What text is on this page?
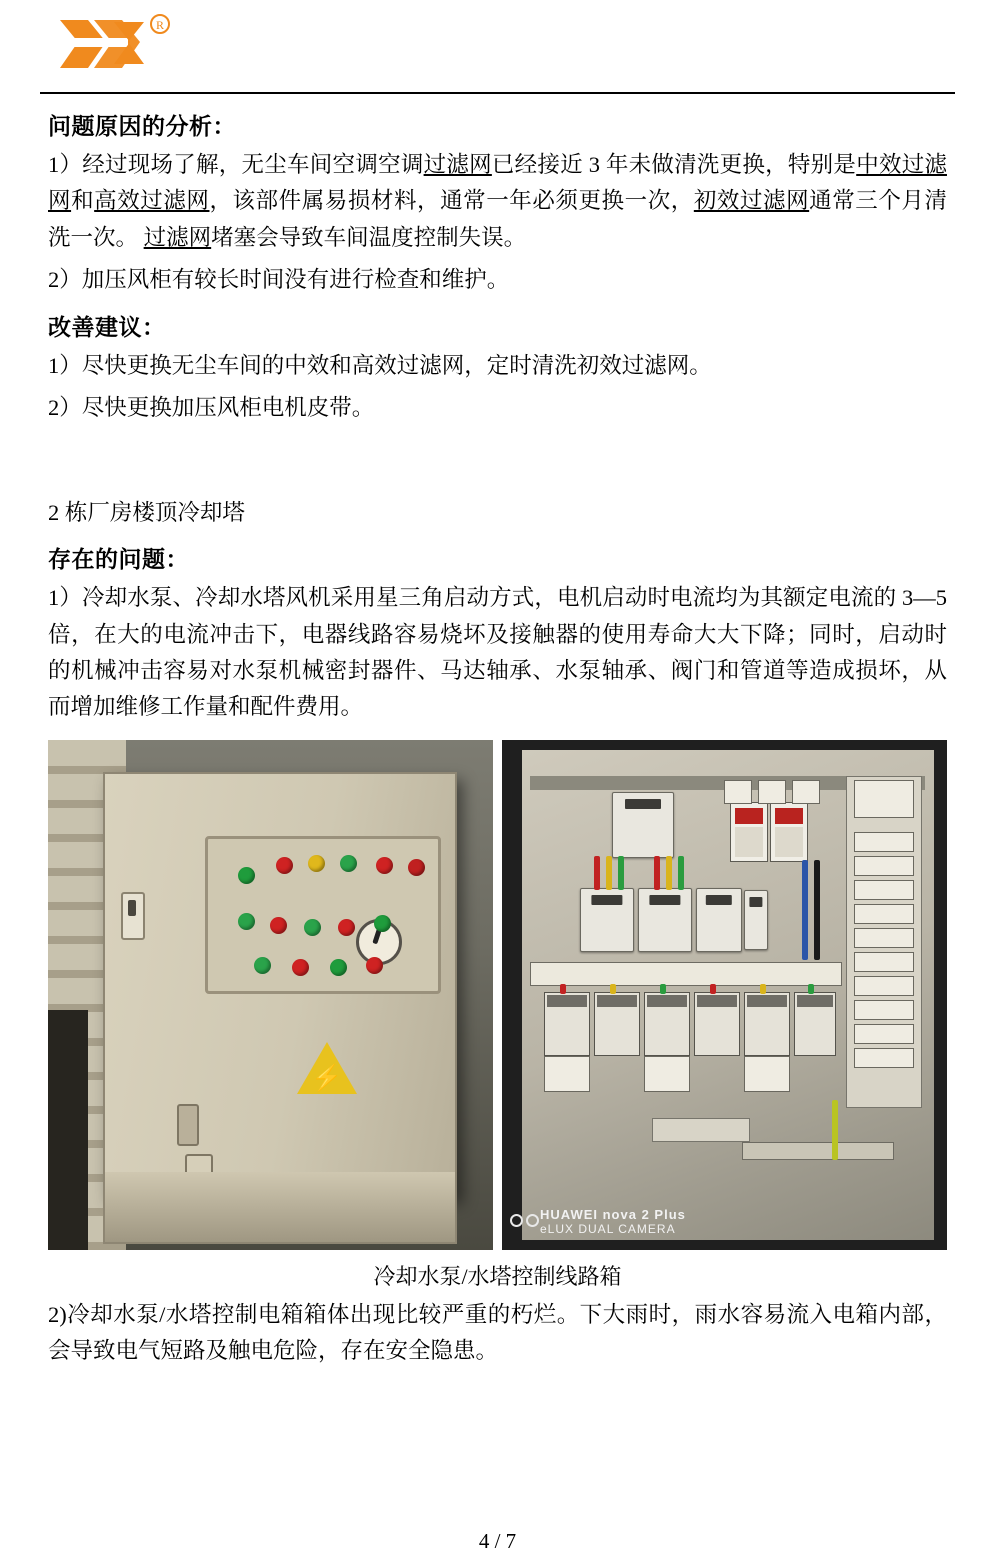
R
问题原因的分析：

1）经过现场了解，无尘车间空调空调过滤网已经接近 3 年未做清洗更换，特别是中效过滤网和高效过滤网，该部件属易损材料，通常一年必须更换一次，初效过滤网通常三个月清洗一次。 过滤网堵塞会导致车间温度控制失误。

2）加压风柜有较长时间没有进行检查和维护。

改善建议：

1）尽快更换无尘车间的中效和高效过滤网，定时清洗初效过滤网。

2）尽快更换加压风柜电机皮带。

2 栋厂房楼顶冷却塔

存在的问题：

1）冷却水泵、冷却水塔风机采用星三角启动方式，电机启动时电流均为其额定电流的 3—5 倍，在大的电流冲击下，电器线路容易烧坏及接触器的使用寿命大大下降；同时，启动时的机械冲击容易对水泵机械密封器件、马达轴承、水泵轴承、阀门和管道等造成损坏，从而增加维修工作量和配件费用。

⚡
HUAWEI nova 2 Plus
eLUX DUAL CAMERA
冷却水泵/水塔控制线路箱

2)冷却水泵/水塔控制电箱箱体出现比较严重的朽烂。下大雨时，雨水容易流入电箱内部，会导致电气短路及触电危险，存在安全隐患。

4 / 7
